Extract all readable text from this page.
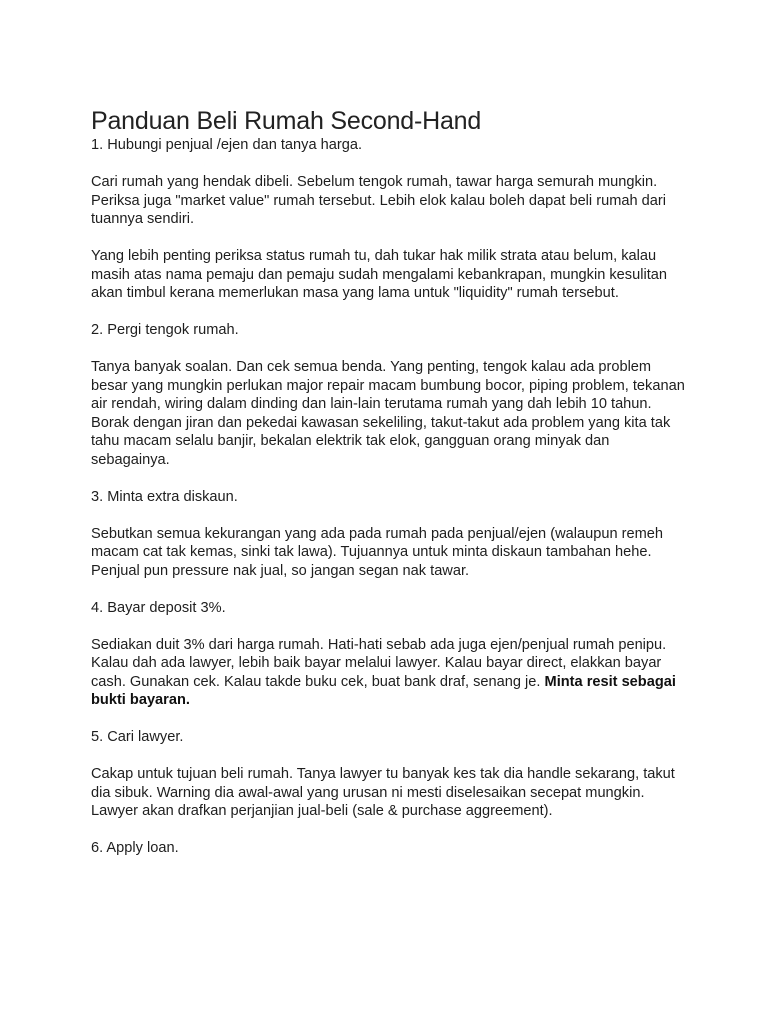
Panduan Beli Rumah Second-Hand

1. Hubungi penjual /ejen dan tanya harga.

Cari rumah yang hendak dibeli. Sebelum tengok rumah, tawar harga semurah mungkin. Periksa juga "market value" rumah tersebut. Lebih elok kalau boleh dapat beli rumah dari tuannya sendiri.

Yang lebih penting periksa status rumah tu, dah tukar hak milik strata atau belum, kalau masih atas nama pemaju dan pemaju sudah mengalami kebankrapan, mungkin kesulitan akan timbul kerana memerlukan masa yang lama untuk "liquidity" rumah tersebut.

2. Pergi tengok rumah.

Tanya banyak soalan. Dan cek semua benda. Yang penting, tengok kalau ada problem besar yang mungkin perlukan major repair macam bumbung bocor, piping problem, tekanan air rendah, wiring dalam dinding dan lain-lain terutama rumah yang dah lebih 10 tahun. Borak dengan jiran dan pekedai kawasan sekeliling, takut-takut ada problem yang kita tak tahu macam selalu banjir, bekalan elektrik tak elok, gangguan orang minyak dan sebagainya.

3. Minta extra diskaun.

Sebutkan semua kekurangan yang ada pada rumah pada penjual/ejen (walaupun remeh macam cat tak kemas, sinki tak lawa). Tujuannya untuk minta diskaun tambahan hehe. Penjual pun pressure nak jual, so jangan segan nak tawar.

4. Bayar deposit 3%.

Sediakan duit 3% dari harga rumah. Hati-hati sebab ada juga ejen/penjual rumah penipu. Kalau dah ada lawyer, lebih baik bayar melalui lawyer. Kalau bayar direct, elakkan bayar cash. Gunakan cek. Kalau takde buku cek, buat bank draf, senang je. Minta resit sebagai bukti bayaran.

5. Cari lawyer.

Cakap untuk tujuan beli rumah. Tanya lawyer tu banyak kes tak dia handle sekarang, takut dia sibuk. Warning dia awal-awal yang urusan ni mesti diselesaikan secepat mungkin. Lawyer akan drafkan perjanjian jual-beli (sale & purchase aggreement).

6. Apply loan.
